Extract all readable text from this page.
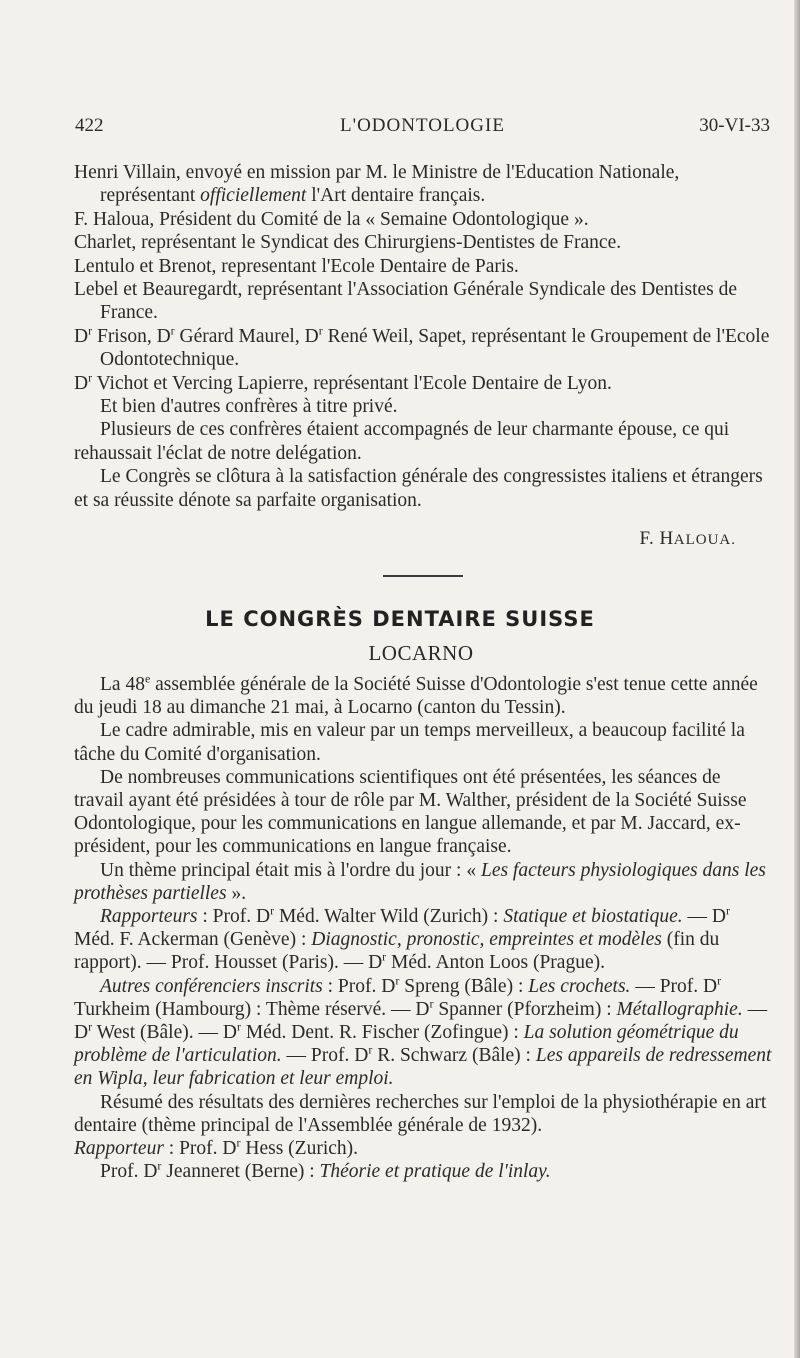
422	L'ODONTOLOGIE	30-VI-33

Henri Villain, envoyé en mission par M. le Ministre de l'Education Nationale, représentant officiellement l'Art dentaire français.

F. Haloua, Président du Comité de la « Semaine Odontologique ».

Charlet, représentant le Syndicat des Chirurgiens-Dentistes de France.

Lentulo et Brenot, representant l'Ecole Dentaire de Paris.

Lebel et Beauregardt, représentant l'Association Générale Syndicale des Dentistes de France.

$D^r$ Frison, $D^r$ Gérard Maurel, $D^r$ René Weil, Sapet, représentant le Groupement de l'Ecole Odontotechnique.

$D^r$ Vichot et Vercing Lapierre, représentant l'Ecole Dentaire de Lyon.

Et bien d'autres confrères à titre privé.

Plusieurs de ces confrères étaient accompagnés de leur charmante épouse, ce qui rehaussait l'éclat de notre delégation.

Le Congrès se clôtura à la satisfaction générale des congressistes italiens et étrangers et sa réussite dénote sa parfaite organisation.

F. HALOUA.
LE CONGRÈS DENTAIRE SUISSE
LOCARNO

La 48e assemblée générale de la Société Suisse d'Odontologie s'est tenue cette année du jeudi 18 au dimanche 21 mai, à Locarno (canton du Tessin).

Le cadre admirable, mis en valeur par un temps merveilleux, a beaucoup facilité la tâche du Comité d'organisation.

De nombreuses communications scientifiques ont été présentées, les séances de travail ayant été présidées à tour de rôle par M. Walther, président de la Société Suisse Odontologique, pour les communications en langue allemande, et par M. Jaccard, ex-président, pour les communications en langue française.

Un thème principal était mis à l'ordre du jour : « Les facteurs physiologiques dans les prothèses partielles ».

Rapporteurs : Prof. $D^r$ Méd. Walter Wild (Zurich) : Statique et biostatique. — $D^r$ Méd. F. Ackerman (Genève) : Diagnostic, pronostic, empreintes et modèles (fin du rapport). — Prof. Housset (Paris). — $D^r$ Méd. Anton Loos (Prague).

Autres conférenciers inscrits : Prof. $D^r$ Spreng (Bâle) : Les crochets. — Prof. $D^r$ Turkheim (Hambourg) : Thème réservé. — $D^r$ Spanner (Pforzheim) : Métallographie. — $D^r$ West (Bâle). — $D^r$ Méd. Dent. R. Fischer (Zofingue) : La solution géométrique du problème de l'articulation. — Prof. $D^r$ R. Schwarz (Bâle) : Les appareils de redressement en Wipla, leur fabrication et leur emploi.

Résumé des résultats des dernières recherches sur l'emploi de la physiothérapie en art dentaire (thème principal de l'Assemblée générale de 1932).

Rapporteur : Prof. $D^r$ Hess (Zurich).

Prof. $D^r$ Jeanneret (Berne) : Théorie et pratique de l'inlay.
